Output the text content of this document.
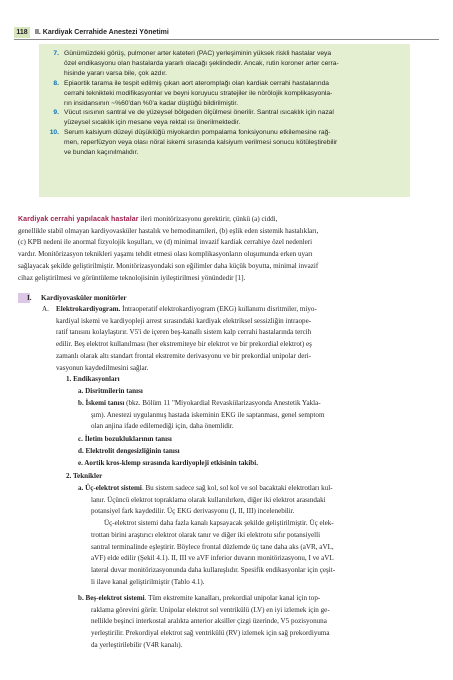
118	II. Kardiyak Cerrahide Anestezi Yönetimi
7. Günümüzdeki görüş, pulmoner arter kateteri (PAC) yerleşiminin yüksek riskli hastalar veya
özel endikasyonu olan hastalarda yararlı olacağı şeklindedir. Ancak, rutin koroner arter cerra-
hisinde yararı varsa bile, çok azdır.
8. Epiaortik tarama ile tespit edilmiş çıkan aort ateromplağı olan kardiak cerrahi hastalarında
cerrahi teknikteki modifikasyonlar ve beyni koruyucu stratejiler ile nörölojik komplikasyonla-
rın insidansının ~%60'dan %0'a kadar düştüğü bildirilmiştir.
9. Vücut ısısının santral ve de yüzeysel bölgeden ölçülmesi önerilir. Santral ısıcaklık için nazal
yüzeysel sıcaklık için mesane veya rektal ısı önerilmektedir.
10. Serum kalsiyum düzeyi düşüklüğü miyokardın pompalama fonksiyonunu etkilemesine rağ-
men, reperfüzyon veya olası nöral iskemi sırasında kalsiyum verilmesi sonucu kötüleştirebilir
ve bundan kaçınılmalıdır.
Kardiyak cerrahi yapılacak hastalar ileri monitörizasyonu gerektirir, çünkü (a) ciddi,
genellikle stabil olmayan kardiyovasküler hastalık ve hemodinamileri, (b) eşlik eden sistemik hastalıkları,
(c) KPB nedeni ile anormal fizyolojik koşulları, ve (d) minimal invazif kardiak cerrahiye özel nedenleri
vardır. Monitörizasyon teknikleri yaşamı tehdit etmesi olası komplikasyonların oluşumunda erken uyarı
sağlayacak şekilde geliştirilmiştir. Monitörizasyondaki son eğilimler daha küçük boyutta, minimal invazif
cihaz geliştirilmesi ve görüntüleme teknolojisinin iyileştirilmesi yönündedir [1].
I. Kardiyovasküler monitörler
A. Elektrokardiyogram. İntraoperatif elektrokardiyogram (EKG) kullanımı disritmiler, miyo-
kardiyal iskemi ve kardiyopleji arrest sırasındaki kardiyak elektriksel sessizliğin intraope-
ratif tanısını kolaylaştırır. V5'i de içeren beş-kanallı sistem kalp cerrahi hastalarında tercih
edilir. Beş elektrot kullanılması (her ekstremiteye bir elektrot ve bir prekordial elektrot) eş
zamanlı olarak altı standart frontal ekstremite derivasyonu ve bir prekordial unipolar deri-
vasyonun kaydedilmesini sağlar.
1. Endikasyonları
a. Disritmilerin tanısı
b. İskemi tanısı (bkz. Bölüm 11 "Miyokardial Revaskülarizasyonda Anestetik Yakla-
şım). Anestezi uygulanmış hastada iskeminin EKG ile saptanması, genel semptom
olan anjina ifade edilemediği için, daha önemlidir.
c. İletim bozukluklarının tanısı
d. Elektrolit dengesizliğinin tanısı
e. Aortik kros-klemp sırasında kardiyopleji etkisinin takibi.
2. Teknikler
a. Üç-elektrot sistemi. Bu sistem sadece sağ kol, sol kol ve sol bacaktaki elektrotları kul-
lanır. Üçüncü elektrot topraklama olarak kullanılırken, diğer iki elektrot arasındaki
potansiyel fark kaydedilir. Üç EKG derivasyonu (I, II, III) incelenebilir.
Üç-elektrot sistemi daha fazla kanalı kapsayacak şekilde geliştirilmiştir. Üç elek-
trottan birini araştırıcı elektrot olarak tanır ve diğer iki elektrotu sıfır potansiyelli
santral terminalinde eşleştirir. Böylece frontal düzlemde üç tane daha aks (aVR, aVL,
aVF) elde edilir (Şekil 4.1). II, III ve aVF inferior duvarın monitörizasyonu, I ve aVL
lateral duvar monitörizasyonunda daha kullanışlıdır. Spesifik endikasyonlar için çeşit-
li ilave kanal geliştirilmiştir (Tablo 4.1).
b. Beş-elektrot sistemi. Tüm ekstremite kanalları, prekordial unipolar kanal için top-
raklama görevini görür. Unipolar elektrot sol ventrikülü (LV) en iyi izlemek için ge-
nellikle beşinci interkostal aralıkta anterior aksiller çizgi üzerinde, V5 pozisyonuna
yerleştirilir. Prekordiyal elektrot sağ ventrikülü (RV) izlemek için sağ prekordiyuma
da yerleştirilebilir (V4R kanalı).
